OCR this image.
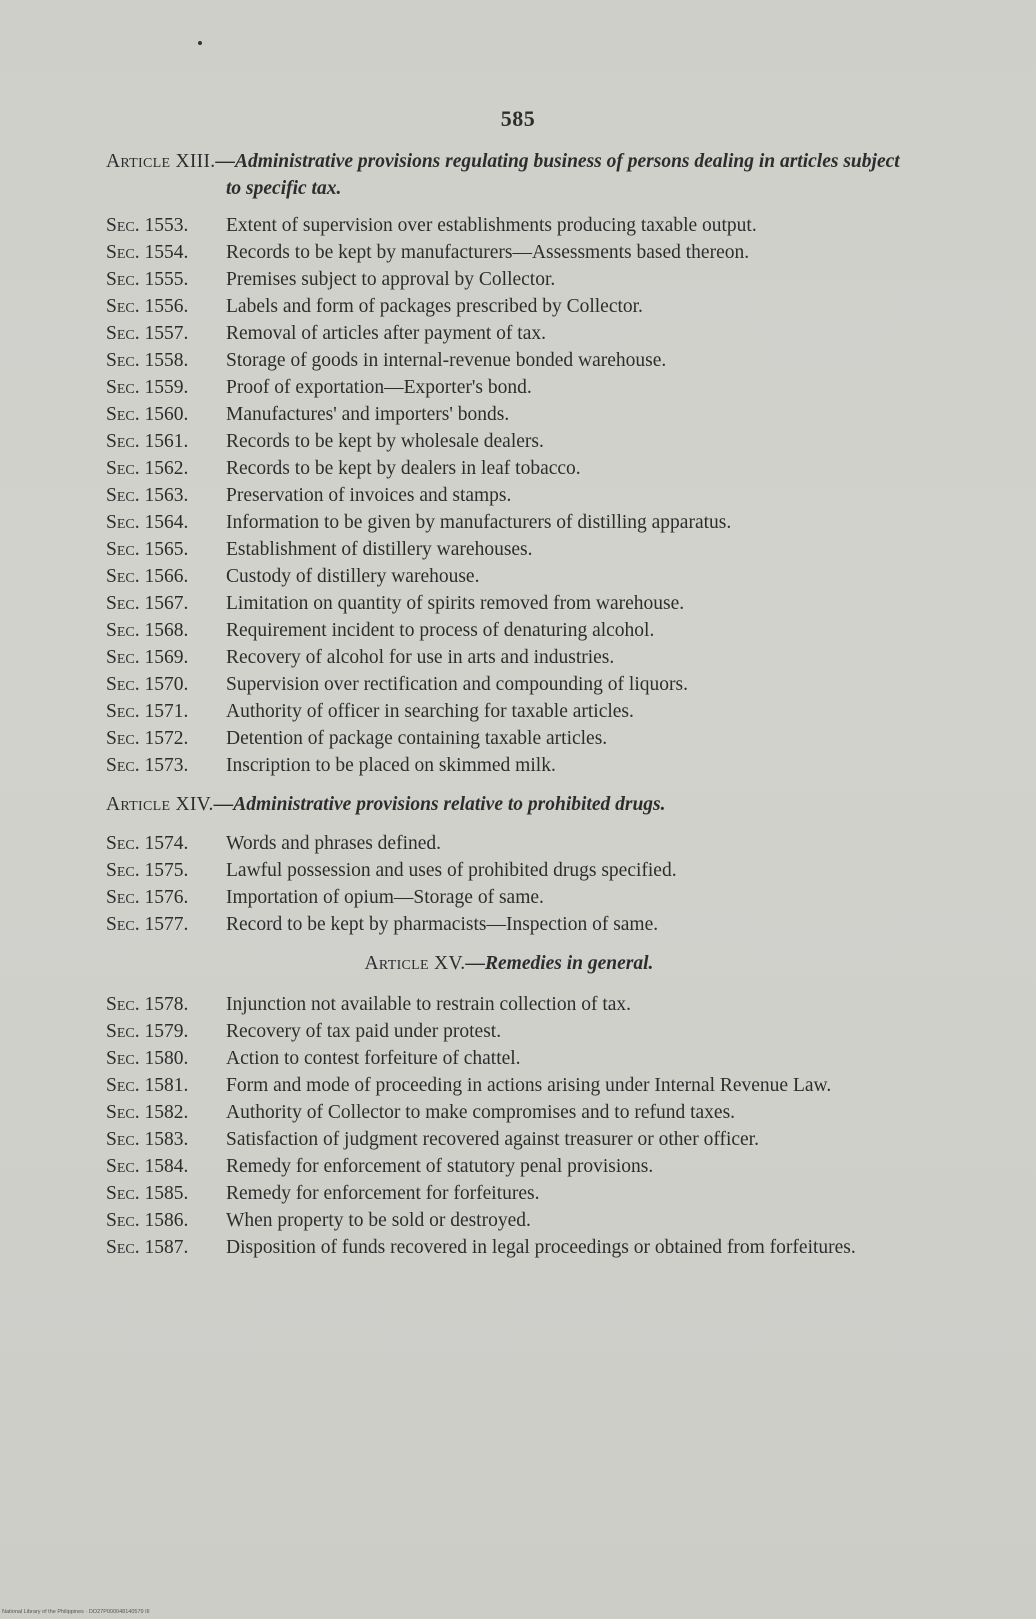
585

Article XIII.—Administrative provisions regulating business of persons dealing in articles subject to specific tax.

Sec. 1553.	Extent of supervision over establishments producing taxable output.
Sec. 1554.	Records to be kept by manufacturers—Assessments based thereon.
Sec. 1555.	Premises subject to approval by Collector.
Sec. 1556.	Labels and form of packages prescribed by Collector.
Sec. 1557.	Removal of articles after payment of tax.
Sec. 1558.	Storage of goods in internal-revenue bonded warehouse.
Sec. 1559.	Proof of exportation—Exporter's bond.
Sec. 1560.	Manufactures' and importers' bonds.
Sec. 1561.	Records to be kept by wholesale dealers.
Sec. 1562.	Records to be kept by dealers in leaf tobacco.
Sec. 1563.	Preservation of invoices and stamps.
Sec. 1564.	Information to be given by manufacturers of distilling apparatus.
Sec. 1565.	Establishment of distillery warehouses.
Sec. 1566.	Custody of distillery warehouse.
Sec. 1567.	Limitation on quantity of spirits removed from warehouse.
Sec. 1568.	Requirement incident to process of denaturing alcohol.
Sec. 1569.	Recovery of alcohol for use in arts and industries.
Sec. 1570.	Supervision over rectification and compounding of liquors.
Sec. 1571.	Authority of officer in searching for taxable articles.
Sec. 1572.	Detention of package containing taxable articles.
Sec. 1573.	Inscription to be placed on skimmed milk.

Article XIV.—Administrative provisions relative to prohibited drugs.

Sec. 1574.	Words and phrases defined.
Sec. 1575.	Lawful possession and uses of prohibited drugs specified.
Sec. 1576.	Importation of opium—Storage of same.
Sec. 1577.	Record to be kept by pharmacists—Inspection of same.

Article XV.—Remedies in general.

Sec. 1578.	Injunction not available to restrain collection of tax.
Sec. 1579.	Recovery of tax paid under protest.
Sec. 1580.	Action to contest forfeiture of chattel.
Sec. 1581.	Form and mode of proceeding in actions arising under Internal Revenue Law.
Sec. 1582.	Authority of Collector to make compromises and to refund taxes.
Sec. 1583.	Satisfaction of judgment recovered against treasurer or other officer.
Sec. 1584.	Remedy for enforcement of statutory penal provisions.
Sec. 1585.	Remedy for enforcement for forfeitures.
Sec. 1586.	When property to be sold or destroyed.
Sec. 1587.	Disposition of funds recovered in legal proceedings or obtained from forfeitures.
National Library of the Philippines · DO27P000048140579 III
